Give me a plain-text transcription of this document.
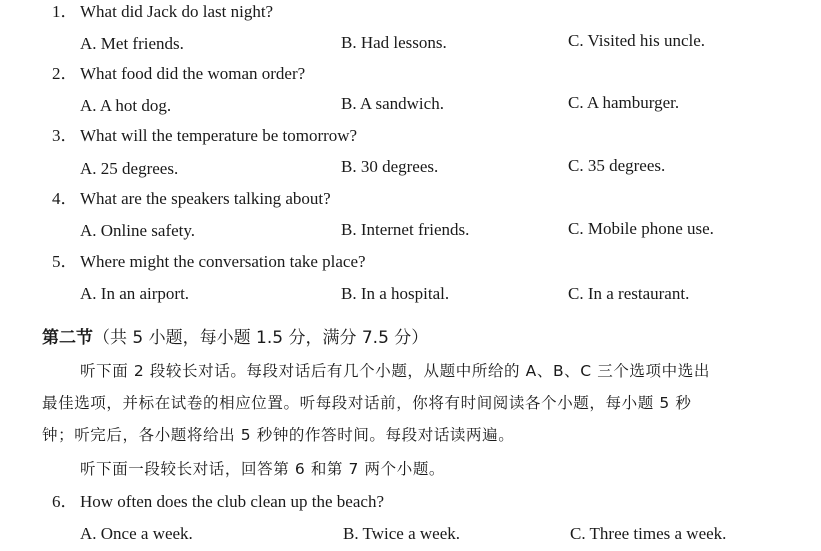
1． What did Jack do last night?
A. Met friends.	B. Had lessons.	C. Visited his uncle.
2． What food did the woman order?
A. A hot dog.	B. A sandwich.	C. A hamburger.
3． What will the temperature be tomorrow?
A. 25 degrees.	B. 30 degrees.	C. 35 degrees.
4． What are the speakers talking about?
A. Online safety.	B. Internet friends.	C. Mobile phone use.
5． Where might the conversation take place?
A. In an airport.	B. In a hospital.	C. In a restaurant.
第二节（共 5 小题，每小题 1.5 分，满分 7.5 分）
听下面 2 段较长对话。每段对话后有几个小题，从题中所给的 A、B、C 三个选项中选出
最佳选项，并标在试卷的相应位置。听每段对话前，你将有时间阅读各个小题，每小题 5 秒
钟；听完后，各小题将给出 5 秒钟的作答时间。每段对话读两遍。
听下面一段较长对话，回答第 6 和第 7 两个小题。
6． How often does the club clean up the beach?
A. Once a week.	B. Twice a week.	C. Three times a week.
